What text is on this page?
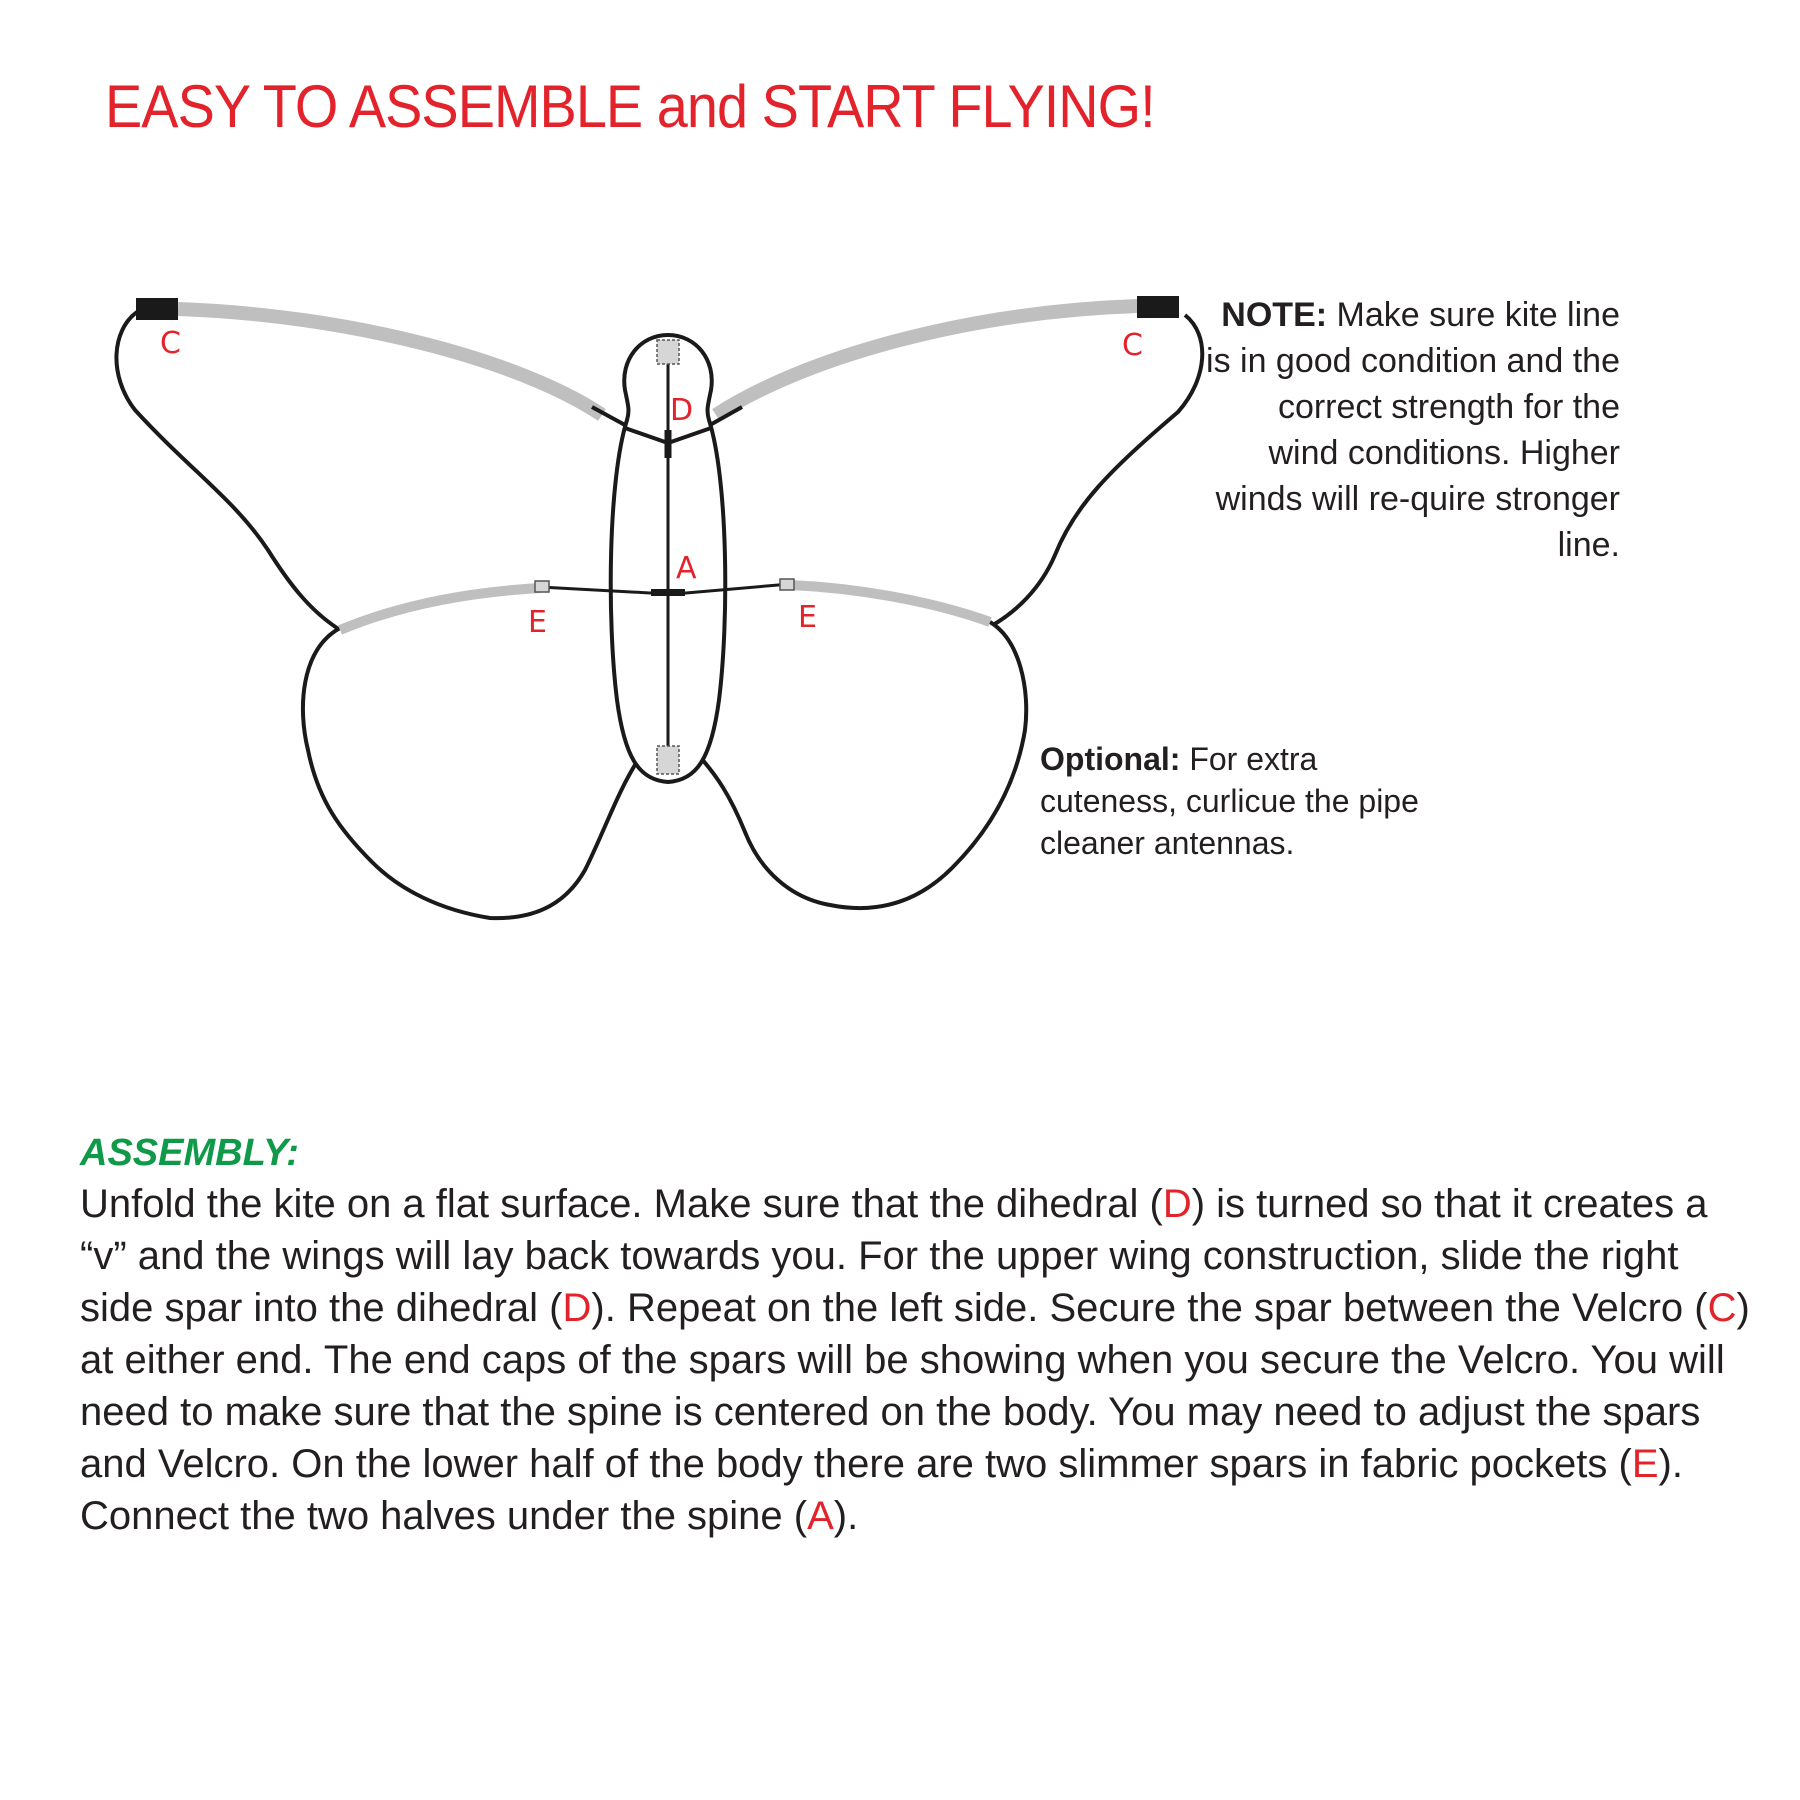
EASY TO ASSEMBLE and START FLYING!
C	C
D
A
E	E
NOTE: Make sure kite line is in good condition and the correct strength for the wind conditions. Higher winds will re-quire stronger line.
Optional: For extra cuteness, curlicue the pipe cleaner antennas.
ASSEMBLY:
Unfold the kite on a flat surface. Make sure that the dihedral (D) is turned so that it creates a “v” and the wings will lay back towards you. For the upper wing construction, slide the right side spar into the dihedral (D). Repeat on the left side. Secure the spar between the Velcro (C) at either end. The end caps of the spars will be showing when you secure the Velcro. You will need to make sure that the spine is centered on the body. You may need to adjust the spars and Velcro. On the lower half of the body there are two slimmer spars in fabric pockets (E). Connect the two halves under the spine (A).
